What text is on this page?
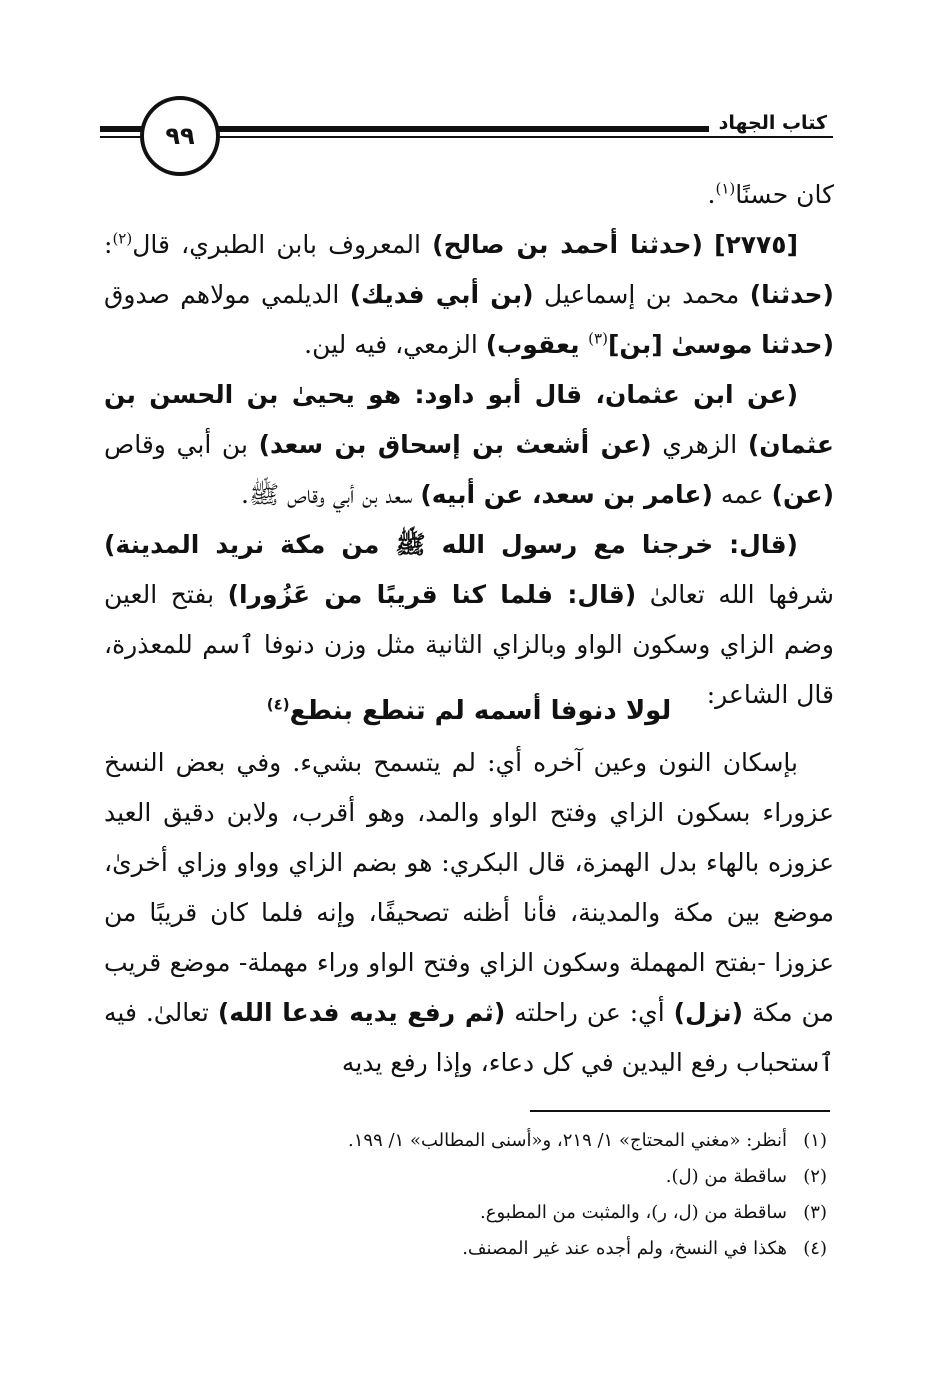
كتاب الجهاد
٩٩

كان حسنًا$^{(١)}$.

[٢٧٧٥] (حدثنا أحمد بن صالح) المعروف بابن الطبري، قال$^{(٢)}$: (حدثنا) محمد بن إسماعيل (بن أبي فديك) الديلمي مولاهم صدوق (حدثنا موسىٰ [بن]$^{(٣)}$ يعقوب) الزمعي، فيه لين.

(عن ابن عثمان، قال أبو داود: هو يحيىٰ بن الحسن بن عثمان) الزهري (عن أشعث بن إسحاق بن سعد) بن أبي وقاص (عن) عمه (عامر بن سعد، عن أبيه) سعد بن أبي وقاص ﷺ.

(قال: خرجنا مع رسول الله ﷺ من مكة نريد المدينة) شرفها الله تعالىٰ (قال: فلما كنا قريبًا من عَزُورا) بفتح العين وضم الزاي وسكون الواو وبالزاي الثانية مثل وزن دنوفا ٱسم للمعذرة، قال الشاعر:

لولا دنوفا أسمه لم تنطع بنطع$^{(٤)}$

بإسكان النون وعين آخره أي: لم يتسمح بشيء. وفي بعض النسخ عزوراء بسكون الزاي وفتح الواو والمد، وهو أقرب، ولابن دقيق العيد عزوزه بالهاء بدل الهمزة، قال البكري: هو بضم الزاي وواو وزاي أخرىٰ، موضع بين مكة والمدينة، فأنا أظنه تصحيفًا، وإنه فلما كان قريبًا من عزوزا -بفتح المهملة وسكون الزاي وفتح الواو وراء مهملة- موضع قريب من مكة (نزل) أي: عن راحلته (ثم رفع يديه فدعا الله) تعالىٰ. فيه ٱستحباب رفع اليدين في كل دعاء، وإذا رفع يديه

(١)
أنظر: «مغني المحتاج» ١/ ٢١٩، و«أسنى المطالب» ١/ ١٩٩.
(٢)
ساقطة من (ل).
(٣)
ساقطة من (ل، ر)، والمثبت من المطبوع.
(٤)
هكذا في النسخ، ولم أجده عند غير المصنف.
